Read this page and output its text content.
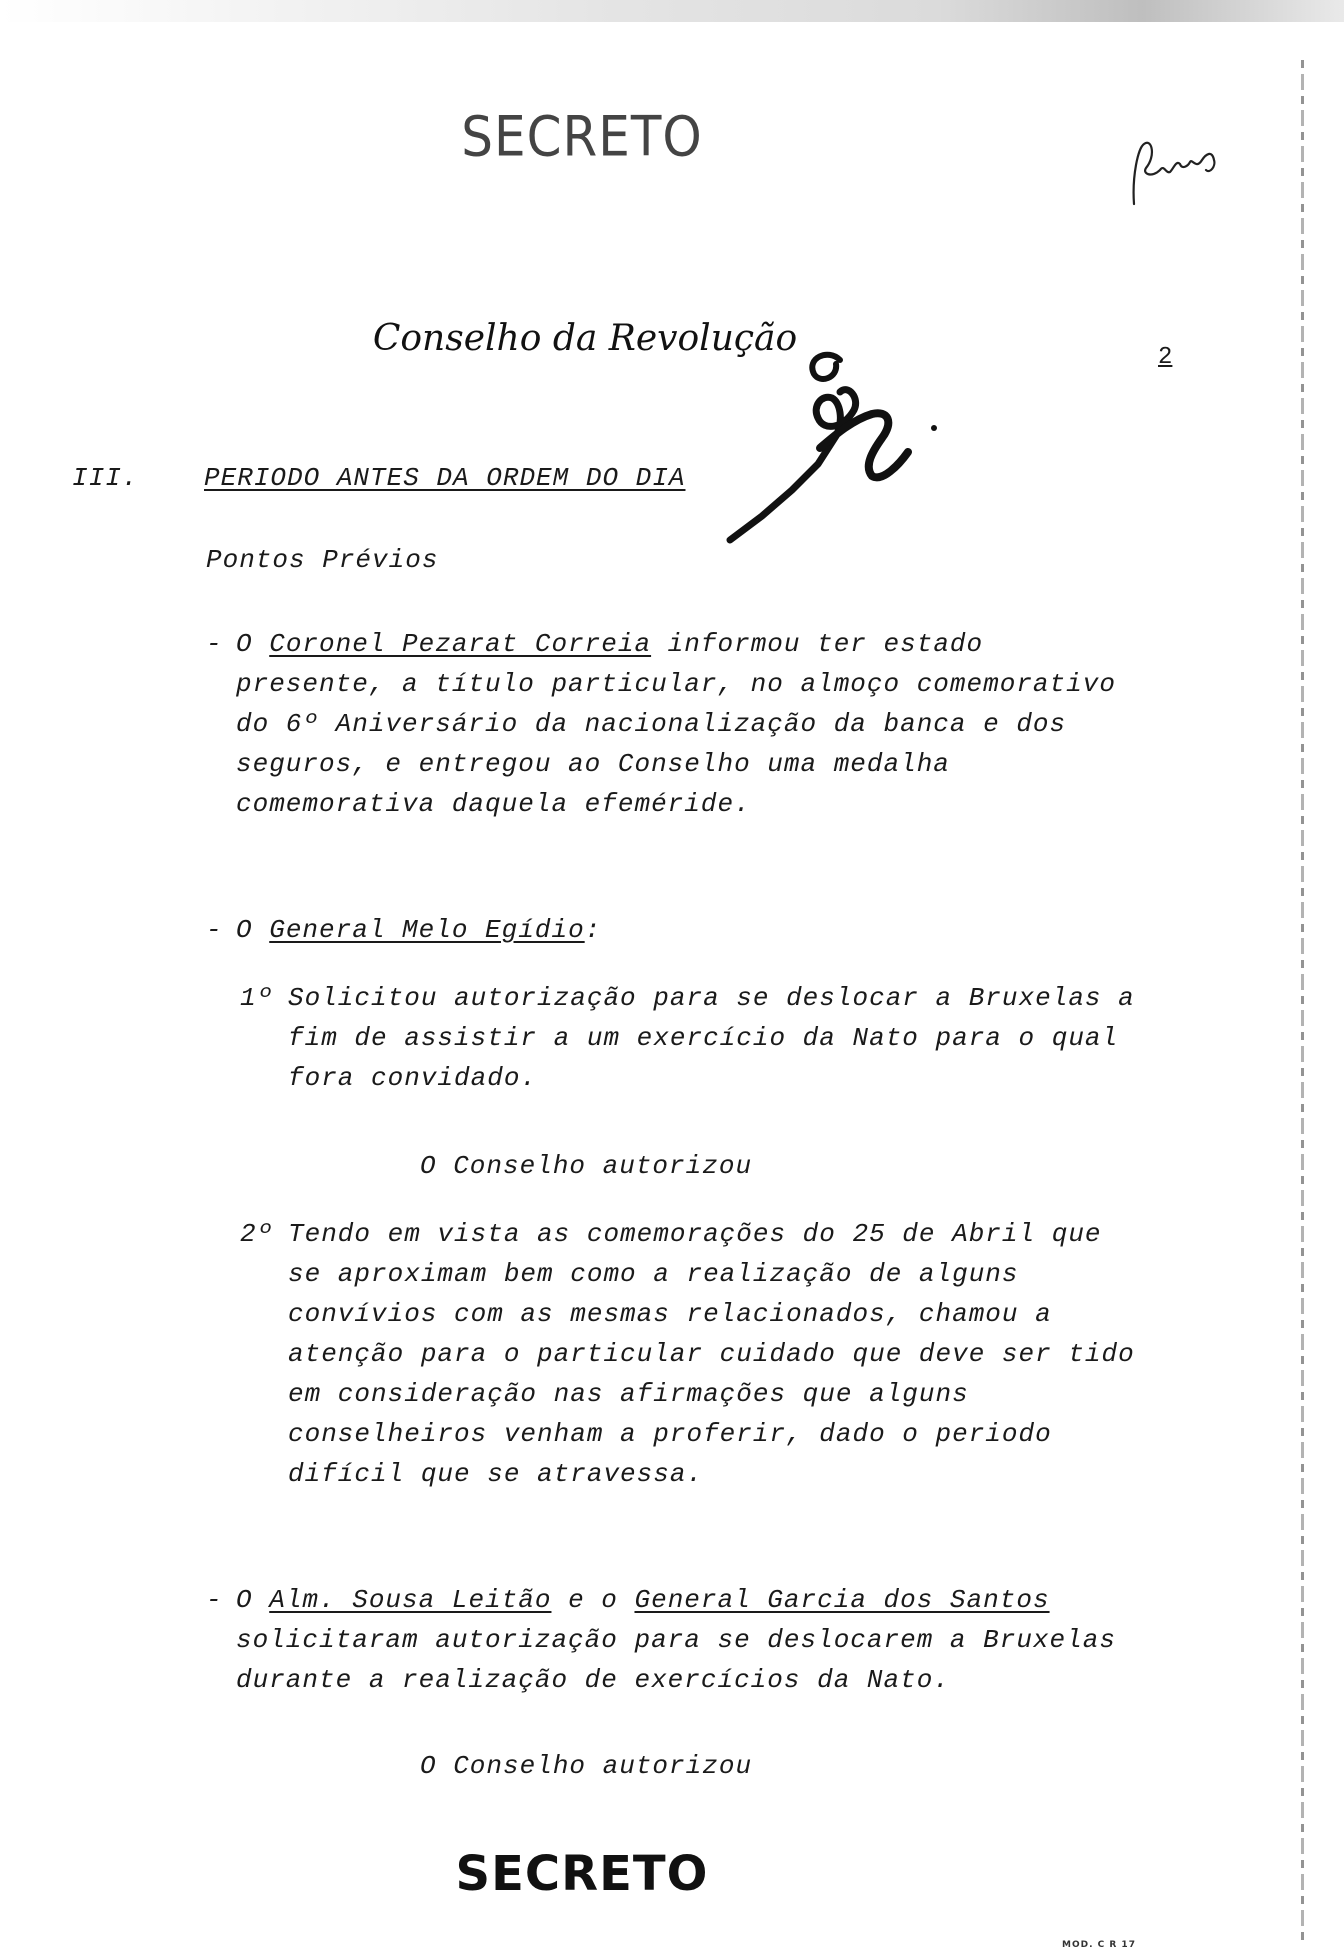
SECRETO
Conselho da Revolução	2
III.	PERIODO ANTES DA ORDEM DO DIA
Pontos Prévios
- O Coronel Pezarat Correia informou ter estado presente, a título particular, no almoço comemorativo do 6º Aniversário da nacionalização da banca e dos seguros, e entregou ao Conselho uma medalha comemorativa daquela efeméride.
- O General Melo Egídio:
1º Solicitou autorização para se deslocar a Bruxelas a fim de assistir a um exercício da Nato para o qual fora convidado.
O Conselho autorizou
2º Tendo em vista as comemorações do 25 de Abril que se aproximam bem como a realização de alguns convívios com as mesmas relacionados, chamou a atenção para o particular cuidado que deve ser tido em consideração nas afirmações que alguns conselheiros venham a proferir, dado o periodo difícil que se atravessa.
- O Alm. Sousa Leitão e o General Garcia dos Santos solicitaram autorização para se deslocarem a Bruxelas durante a realização de exercícios da Nato.
O Conselho autorizou
SECRETO
MOD. C R 17
